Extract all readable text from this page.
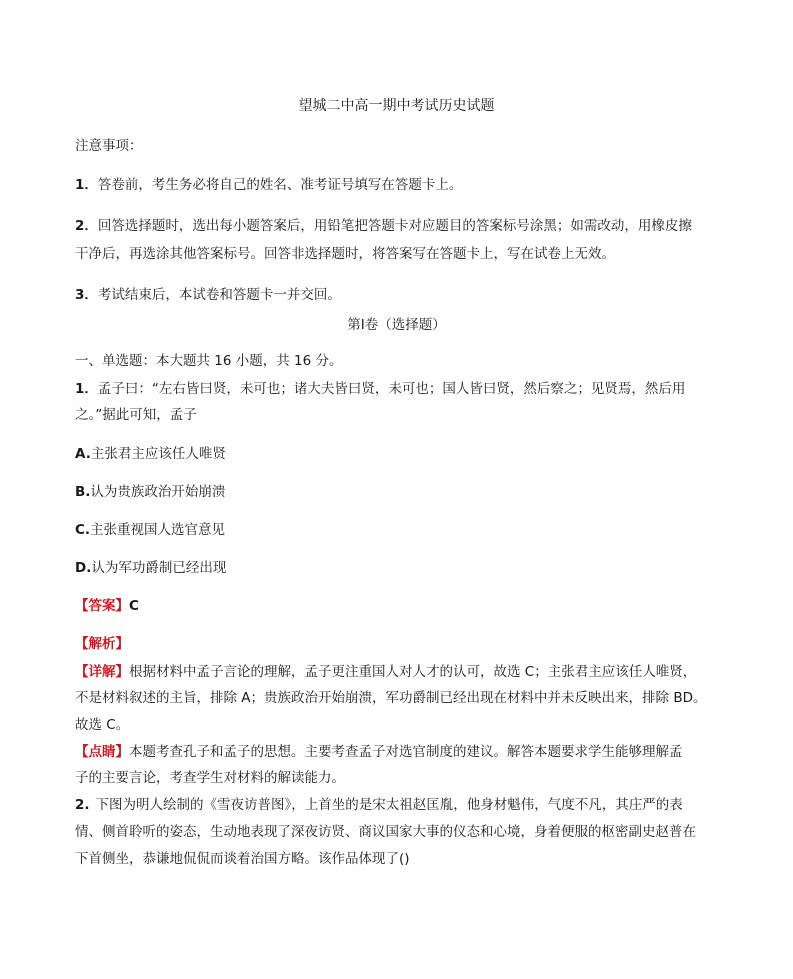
望城二中高一期中考试历史试题
注意事项：
1．答卷前，考生务必将自己的姓名、准考证号填写在答题卡上。
2．回答选择题时，选出每小题答案后，用铅笔把答题卡对应题目的答案标号涂黑；如需改动，用橡皮擦
干净后，再选涂其他答案标号。回答非选择题时，将答案写在答题卡上，写在试卷上无效。
3．考试结束后，本试卷和答题卡一并交回。
第Ⅰ卷（选择题）
一、单选题：本大题共 16 小题，共 16 分。
1．孟子曰：“左右皆曰贤，未可也；诸大夫皆曰贤，未可也；国人皆曰贤，然后察之；见贤焉，然后用
之。”据此可知，孟子
A.主张君主应该任人唯贤
B.认为贵族政治开始崩溃
C.主张重视国人选官意见
D.认为军功爵制已经出现
【答案】C
【解析】
【详解】根据材料中孟子言论的理解，孟子更注重国人对人才的认可，故选 C；主张君主应该任人唯贤，
不是材料叙述的主旨，排除 A；贵族政治开始崩溃，军功爵制已经出现在材料中并未反映出来，排除 BD。
故选 C。
【点睛】本题考查孔子和孟子的思想。主要考查孟子对选官制度的建议。解答本题要求学生能够理解孟
子的主要言论，考查学生对材料的解读能力。
2. 下图为明人绘制的《雪夜访普图》，上首坐的是宋太祖赵匡胤，他身材魁伟，气度不凡，其庄严的表
情、侧首聆听的姿态，生动地表现了深夜访贤、商议国家大事的仪态和心境，身着便服的枢密副史赵普在
下首侧坐，恭谦地侃侃而谈着治国方略。该作品体现了()
